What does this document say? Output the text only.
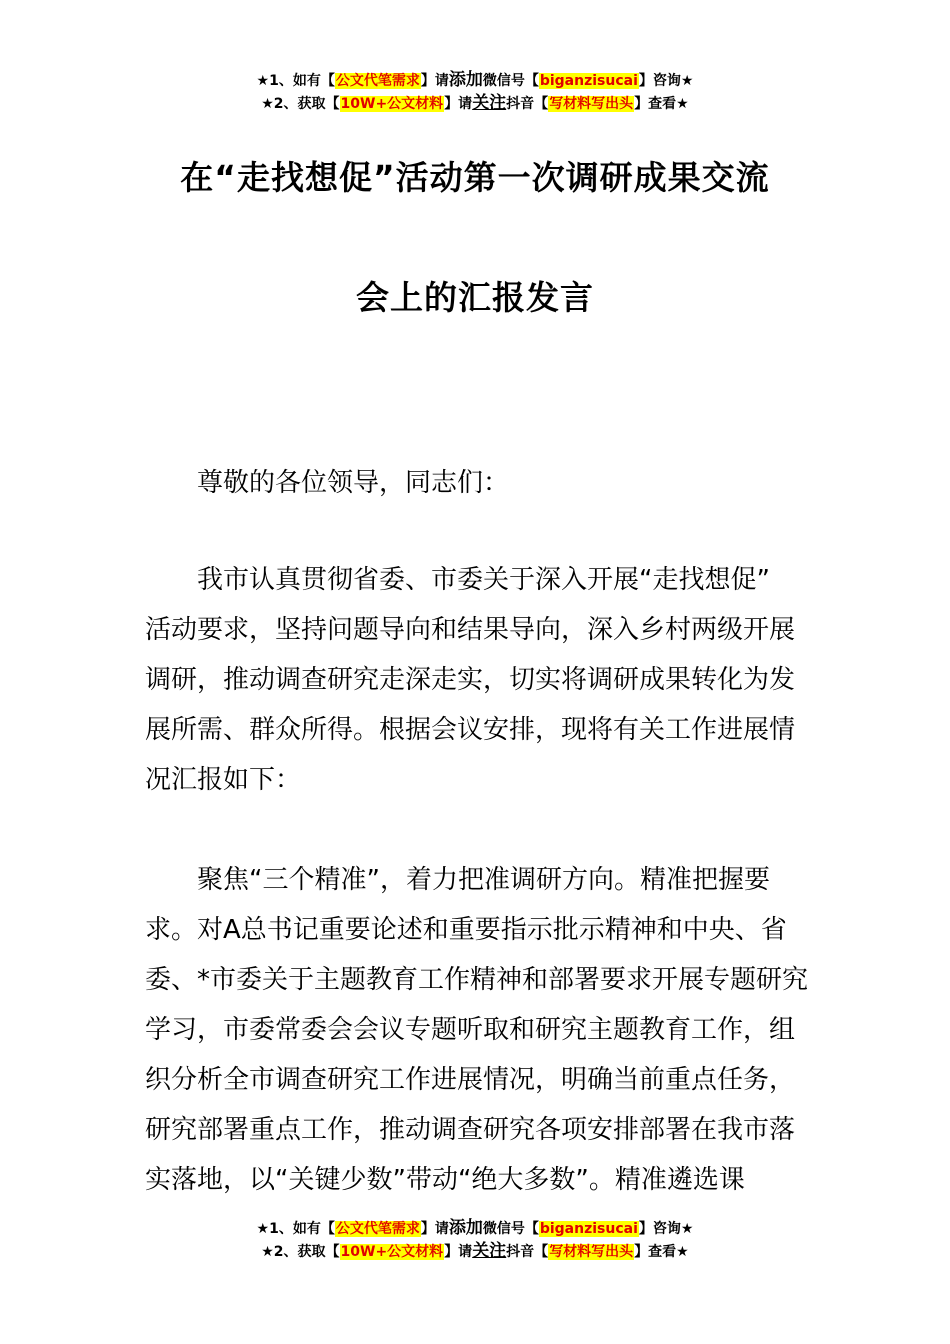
★1、如有【公文代笔需求】请添加微信号【biganzisucai】咨询★
★2、获取【10W+公文材料】请关注抖音【写材料写出头】查看★
在“走找想促”活动第一次调研成果交流
会上的汇报发言
尊敬的各位领导，同志们：
我市认真贯彻省委、市委关于深入开展“走找想促”
活动要求，坚持问题导向和结果导向，深入乡村两级开展
调研，推动调查研究走深走实，切实将调研成果转化为发
展所需、群众所得。根据会议安排，现将有关工作进展情
况汇报如下：
聚焦“三个精准”，着力把准调研方向。精准把握要
求。对A总书记重要论述和重要指示批示精神和中央、省
委、*市委关于主题教育工作精神和部署要求开展专题研究
学习，市委常委会会议专题听取和研究主题教育工作，组
织分析全市调查研究工作进展情况，明确当前重点任务，
研究部署重点工作，推动调查研究各项安排部署在我市落
实落地，以“关键少数”带动“绝大多数”。精准遴选课
★1、如有【公文代笔需求】请添加微信号【biganzisucai】咨询★
★2、获取【10W+公文材料】请关注抖音【写材料写出头】查看★
